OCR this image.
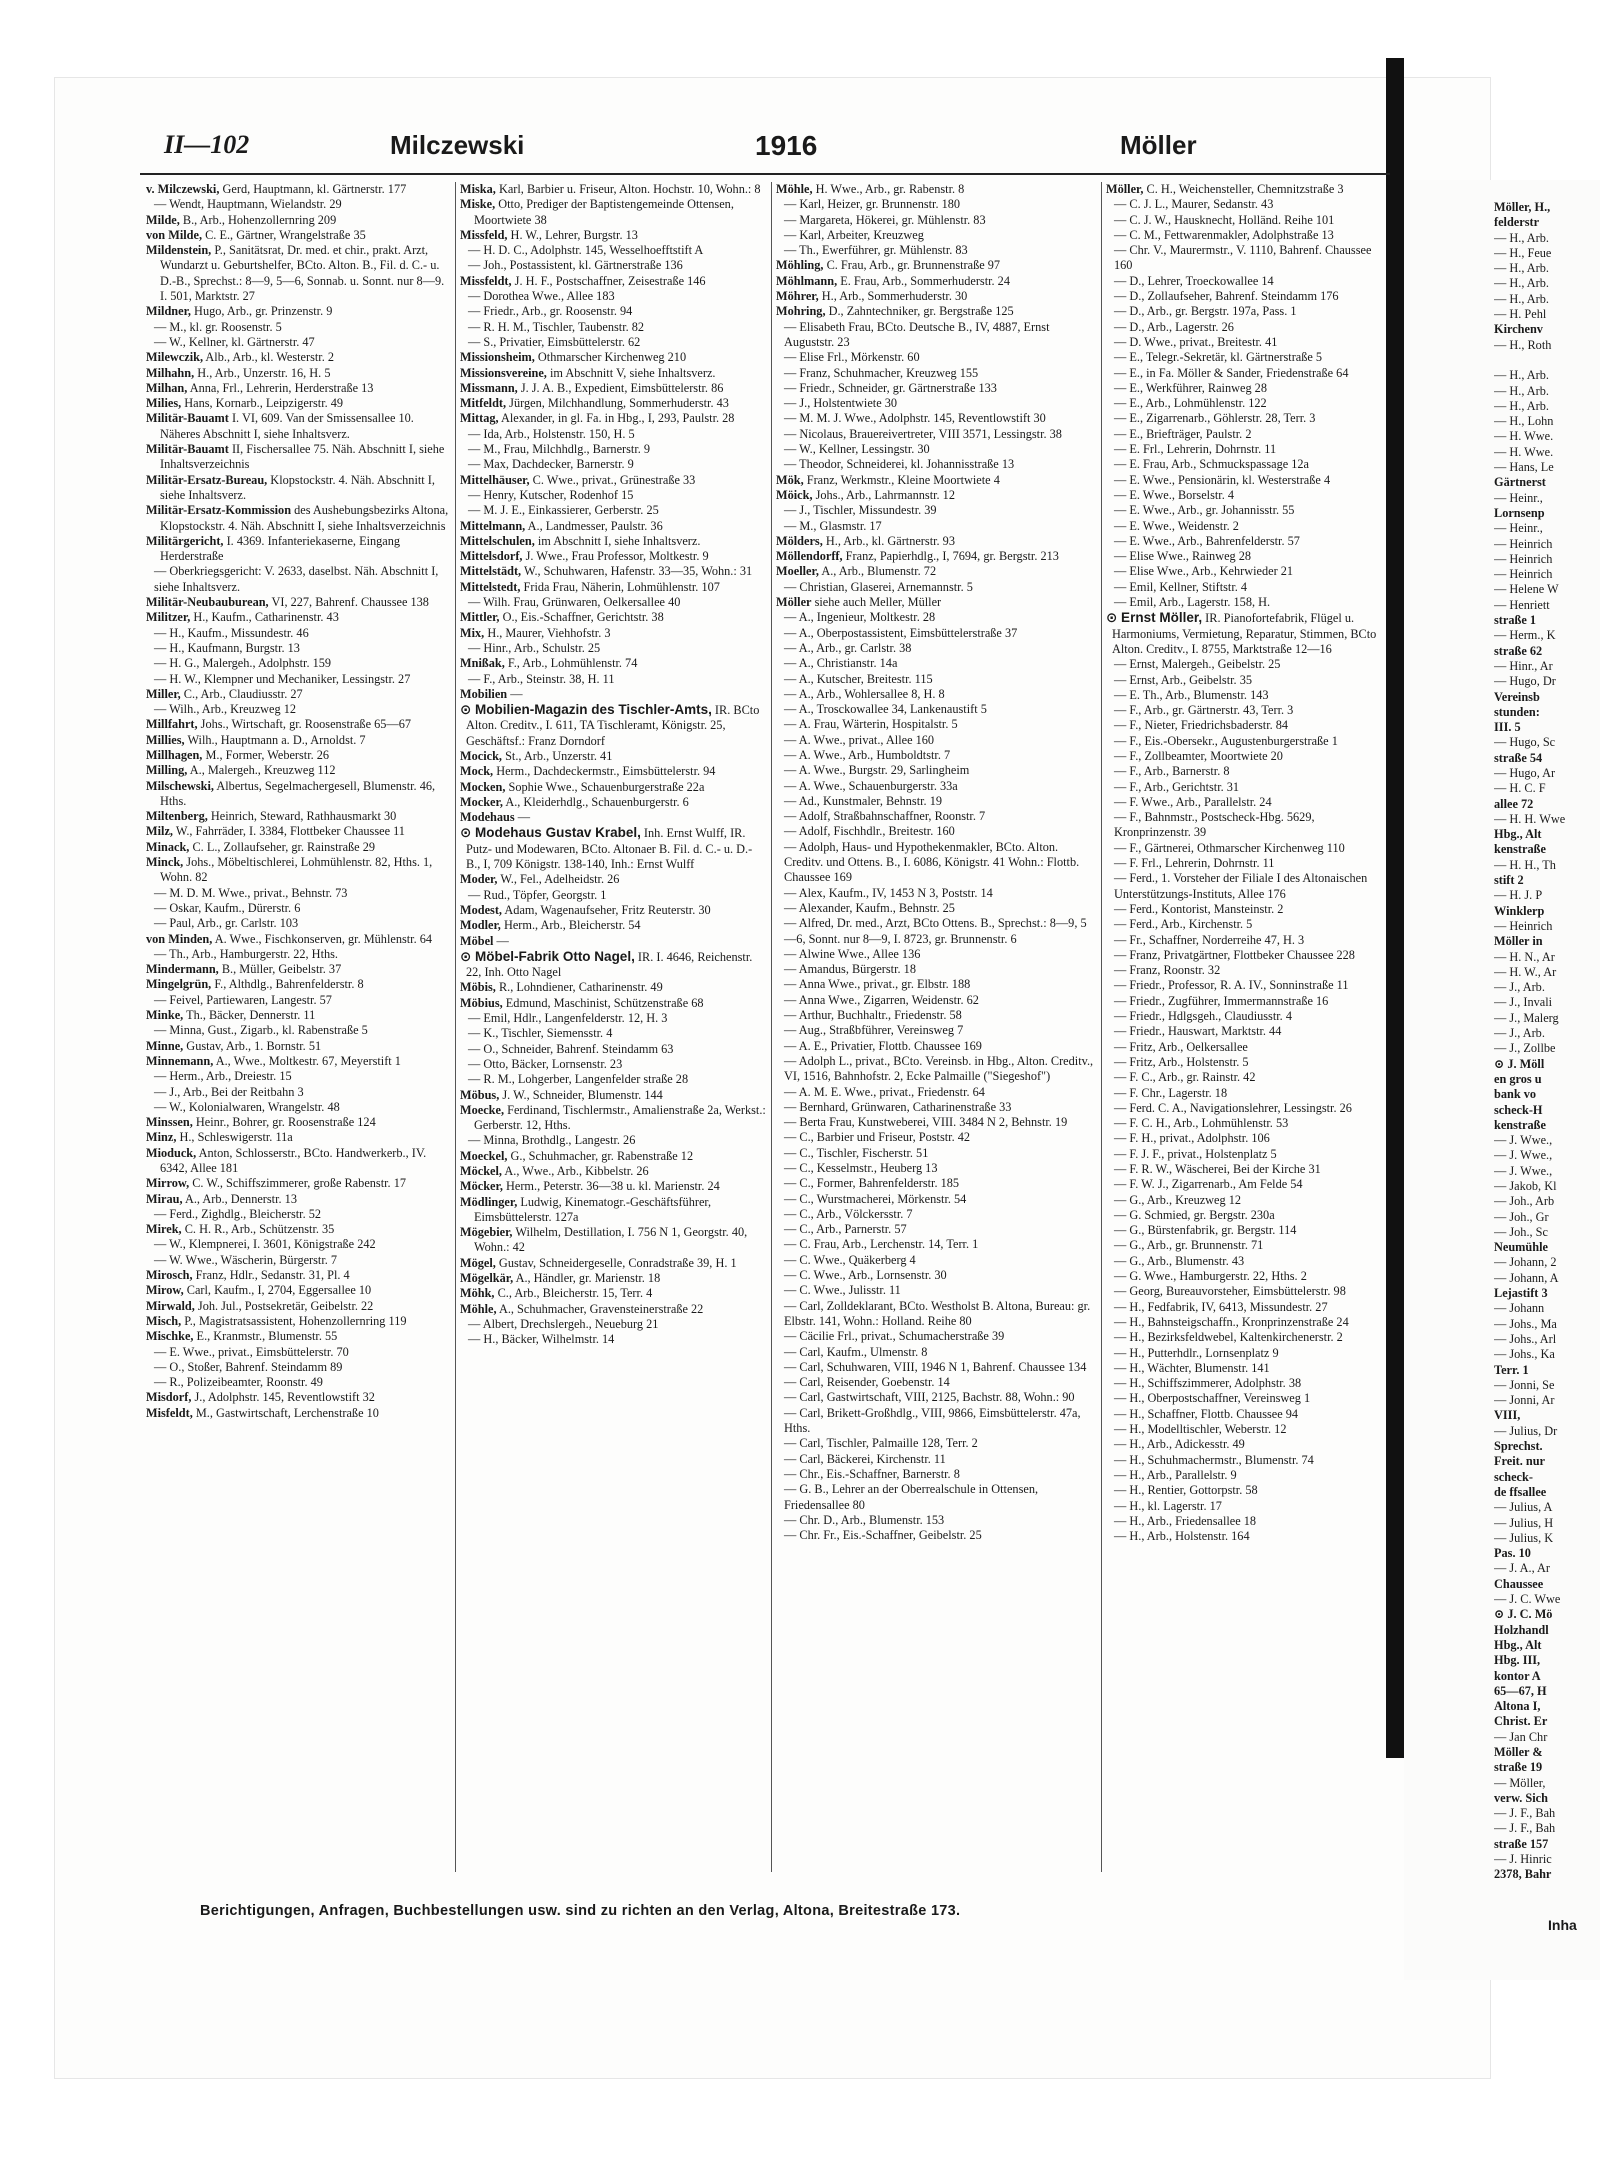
II—102	Milczewski	1916	Möller

v. Milczewski, Gerd, Hauptmann, kl. Gärtnerstr. 177

— Wendt, Hauptmann, Wielandstr. 29

Milde, B., Arb., Hohenzollernring 209

von Milde, C. E., Gärtner, Wrangelstraße 35

Mildenstein, P., Sanitätsrat, Dr. med. et chir., prakt. Arzt, Wundarzt u. Geburtshelfer, BCto. Alton. B., Fil. d. C.- u. D.-B., Sprechst.: 8—9, 5—6, Sonnab. u. Sonnt. nur 8—9. I. 501, Marktstr. 27

Mildner, Hugo, Arb., gr. Prinzenstr. 9

— M., kl. gr. Roosenstr. 5

— W., Kellner, kl. Gärtnerstr. 47

Milewczik, Alb., Arb., kl. Westerstr. 2

Milhahn, H., Arb., Unzerstr. 16, H. 5

Milhan, Anna, Frl., Lehrerin, Herderstraße 13

Milies, Hans, Kornarb., Leipzigerstr. 49

Militär-Bauamt I. VI, 609. Van der Smissensallee 10. Näheres Abschnitt I, siehe Inhaltsverz.

Militär-Bauamt II, Fischersallee 75. Näh. Abschnitt I, siehe Inhaltsverzeichnis

Militär-Ersatz-Bureau, Klopstockstr. 4. Näh. Abschnitt I, siehe Inhaltsverz.

Militär-Ersatz-Kommission des Aushebungsbezirks Altona, Klopstockstr. 4. Näh. Abschnitt I, siehe Inhaltsverzeichnis

Militärgericht, I. 4369. Infanteriekaserne, Eingang Herderstraße

— Oberkriegsgericht: V. 2633, daselbst. Näh. Abschnitt I, siehe Inhaltsverz.

Militär-Neubauburean, VI, 227, Bahrenf. Chaussee 138

Militzer, H., Kaufm., Catharinenstr. 43

— H., Kaufm., Missundestr. 46

— H., Kaufmann, Burgstr. 13

— H. G., Malergeh., Adolphstr. 159

— H. W., Klempner und Mechaniker, Lessingstr. 27

Miller, C., Arb., Claudiusstr. 27

— Wilh., Arb., Kreuzweg 12

Millfahrt, Johs., Wirtschaft, gr. Roosenstraße 65—67

Millies, Wilh., Hauptmann a. D., Arnoldst. 7

Millhagen, M., Former, Weberstr. 26

Milling, A., Malergeh., Kreuzweg 112

Milschewski, Albertus, Segelmachergesell, Blumenstr. 46, Hths.

Miltenberg, Heinrich, Steward, Rathhausmarkt 30

Milz, W., Fahrräder, I. 3384, Flottbeker Chaussee 11

Minack, C. L., Zollaufseher, gr. Rainstraße 29

Minck, Johs., Möbeltischlerei, Lohmühlenstr. 82, Hths. 1, Wohn. 82

— M. D. M. Wwe., privat., Behnstr. 73

— Oskar, Kaufm., Dürerstr. 6

— Paul, Arb., gr. Carlstr. 103

von Minden, A. Wwe., Fischkonserven, gr. Mühlenstr. 64

— Th., Arb., Hamburgerstr. 22, Hths.

Mindermann, B., Müller, Geibelstr. 37

Mingelgrün, F., Althdlg., Bahrenfelderstr. 8

— Feivel, Partiewaren, Langestr. 57

Minke, Th., Bäcker, Dennerstr. 11

— Minna, Gust., Zigarb., kl. Rabenstraße 5

Minne, Gustav, Arb., 1. Bornstr. 51

Minnemann, A., Wwe., Moltkestr. 67, Meyerstift 1

— Herm., Arb., Dreiestr. 15

— J., Arb., Bei der Reitbahn 3

— W., Kolonialwaren, Wrangelstr. 48

Minssen, Heinr., Bohrer, gr. Roosenstraße 124

Minz, H., Schleswigerstr. 11a

Mioduck, Anton, Schlosserstr., BCto. Handwerkerb., IV. 6342, Allee 181

Mirrow, C. W., Schiffszimmerer, große Rabenstr. 17

Mirau, A., Arb., Dennerstr. 13

— Ferd., Zighdlg., Bleicherstr. 52

Mirek, C. H. R., Arb., Schützenstr. 35

— W., Klempnerei, I. 3601, Königstraße 242

— W. Wwe., Wäscherin, Bürgerstr. 7

Mirosch, Franz, Hdlr., Sedanstr. 31, Pl. 4

Mirow, Carl, Kaufm., I, 2704, Eggersallee 10

Mirwald, Joh. Jul., Postsekretär, Geibelstr. 22

Misch, P., Magistratsassistent, Hohenzollernring 119

Mischke, E., Kranmstr., Blumenstr. 55

— E. Wwe., privat., Eimsbüttelerstr. 70

— O., Stoßer, Bahrenf. Steindamm 89

— R., Polizeibeamter, Roonstr. 49

Misdorf, J., Adolphstr. 145, Reventlowstift 32

Misfeldt, M., Gastwirtschaft, Lerchenstraße 10

Miska, Karl, Barbier u. Friseur, Alton. Hochstr. 10, Wohn.: 8

Miske, Otto, Prediger der Baptistengemeinde Ottensen, Moortwiete 38

Missfeld, H. W., Lehrer, Burgstr. 13

— H. D. C., Adolphstr. 145, Wesselhoefftstift A

— Joh., Postassistent, kl. Gärtnerstraße 136

Missfeldt, J. H. F., Postschaffner, Zeisestraße 146

— Dorothea Wwe., Allee 183

— Friedr., Arb., gr. Roosenstr. 94

— R. H. M., Tischler, Taubenstr. 82

— S., Privatier, Eimsbüttelerstr. 62

Missionsheim, Othmarscher Kirchenweg 210

Missionsvereine, im Abschnitt V, siehe Inhaltsverz.

Missmann, J. J. A. B., Expedient, Eimsbüttelerstr. 86

Mitfeldt, Jürgen, Milchhandlung, Sommerhuderstr. 43

Mittag, Alexander, in gl. Fa. in Hbg., I, 293, Paulstr. 28

— Ida, Arb., Holstenstr. 150, H. 5

— M., Frau, Milchhdlg., Barnerstr. 9

— Max, Dachdecker, Barnerstr. 9

Mittelhäuser, C. Wwe., privat., Grünestraße 33

— Henry, Kutscher, Rodenhof 15

— M. J. E., Einkassierer, Gerberstr. 25

Mittelmann, A., Landmesser, Paulstr. 36

Mittelschulen, im Abschnitt I, siehe Inhaltsverz.

Mittelsdorf, J. Wwe., Frau Professor, Moltkestr. 9

Mittelstädt, W., Schuhwaren, Hafenstr. 33—35, Wohn.: 31

Mittelstedt, Frida Frau, Näherin, Lohmühlenstr. 107

— Wilh. Frau, Grünwaren, Oelkersallee 40

Mittler, O., Eis.-Schaffner, Gerichtstr. 38

Mix, H., Maurer, Viehhofstr. 3

— Hinr., Arb., Schulstr. 25

Mnißak, F., Arb., Lohmühlenstr. 74

— F., Arb., Steinstr. 38, H. 11

Mobilien —

⊙ Mobilien-Magazin des Tischler-Amts, IR. BCto Alton. Creditv., I. 611, TA Tischleramt, Königstr. 25, Geschäftsf.: Franz Dorndorf

Mocick, St., Arb., Unzerstr. 41

Mock, Herm., Dachdeckermstr., Eimsbüttelerstr. 94

Mocken, Sophie Wwe., Schauenburgerstraße 22a

Mocker, A., Kleiderhdlg., Schauenburgerstr. 6

Modehaus —

⊙ Modehaus Gustav Krabel, Inh. Ernst Wulff, IR. Putz- und Modewaren, BCto. Altonaer B. Fil. d. C.- u. D.-B., I, 709 Königstr. 138-140, Inh.: Ernst Wulff

Moder, W., Fel., Adelheidstr. 26

— Rud., Töpfer, Georgstr. 1

Modest, Adam, Wagenaufseher, Fritz Reuterstr. 30

Modler, Herm., Arb., Bleicherstr. 54

Möbel —

⊙ Möbel-Fabrik Otto Nagel, IR. I. 4646, Reichenstr. 22, Inh. Otto Nagel

Möbis, R., Lohndiener, Catharinenstr. 49

Möbius, Edmund, Maschinist, Schützenstraße 68

— Emil, Hdlr., Langenfelderstr. 12, H. 3

— K., Tischler, Siemensstr. 4

— O., Schneider, Bahrenf. Steindamm 63

— Otto, Bäcker, Lornsenstr. 23

— R. M., Lohgerber, Langenfelder straße 28

Möbus, J. W., Schneider, Blumenstr. 144

Moecke, Ferdinand, Tischlermstr., Amalienstraße 2a, Werkst.: Gerberstr. 12, Hths.

— Minna, Brothdlg., Langestr. 26

Moeckel, G., Schuhmacher, gr. Rabenstraße 12

Möckel, A., Wwe., Arb., Kibbelstr. 26

Möcker, Herm., Peterstr. 36—38 u. kl. Marienstr. 24

Mödlinger, Ludwig, Kinematogr.-Geschäftsführer, Eimsbüttelerstr. 127a

Mögebier, Wilhelm, Destillation, I. 756 N 1, Georgstr. 40, Wohn.: 42

Mögel, Gustav, Schneidergeselle, Conradstraße 39, H. 1

Mögelkär, A., Händler, gr. Marienstr. 18

Möhk, C., Arb., Bleicherstr. 15, Terr. 4

Möhle, A., Schuhmacher, Gravensteinerstraße 22

— Albert, Drechslergeh., Neueburg 21

— H., Bäcker, Wilhelmstr. 14

Möhle, H. Wwe., Arb., gr. Rabenstr. 8

— Karl, Heizer, gr. Brunnenstr. 180

— Margareta, Hökerei, gr. Mühlenstr. 83

— Karl, Arbeiter, Kreuzweg

— Th., Ewerführer, gr. Mühlenstr. 83

Möhling, C. Frau, Arb., gr. Brunnenstraße 97

Möhlmann, E. Frau, Arb., Sommerhuderstr. 24

Möhrer, H., Arb., Sommerhuderstr. 30

Mohring, D., Zahntechniker, gr. Bergstraße 125

— Elisabeth Frau, BCto. Deutsche B., IV, 4887, Ernst Auguststr. 23

— Elise Frl., Mörkenstr. 60

— Franz, Schuhmacher, Kreuzweg 155

— Friedr., Schneider, gr. Gärtnerstraße 133

— J., Holstentwiete 30

— M. M. J. Wwe., Adolphstr. 145, Reventlowstift 30

— Nicolaus, Brauereivertreter, VIII 3571, Lessingstr. 38

— W., Kellner, Lessingstr. 30

— Theodor, Schneiderei, kl. Johannisstraße 13

Mök, Franz, Werkmstr., Kleine Moortwiete 4

Möick, Johs., Arb., Lahrmannstr. 12

— J., Tischler, Missundestr. 39

— M., Glasmstr. 17

Mölders, H., Arb., kl. Gärtnerstr. 93

Möllendorff, Franz, Papierhdlg., I, 7694, gr. Bergstr. 213

Moeller, A., Arb., Blumenstr. 72

— Christian, Glaserei, Arnemannstr. 5

Möller siehe auch Meller, Müller

— A., Ingenieur, Moltkestr. 28

— A., Oberpostassistent, Eimsbüttelerstraße 37

— A., Arb., gr. Carlstr. 38

— A., Christianstr. 14a

— A., Kutscher, Breitestr. 115

— A., Arb., Wohlersallee 8, H. 8

— A., Trosckowallee 34, Lankenaustift 5

— A. Frau, Wärterin, Hospitalstr. 5

— A. Wwe., privat., Allee 160

— A. Wwe., Arb., Humboldtstr. 7

— A. Wwe., Burgstr. 29, Sarlingheim

— A. Wwe., Schauenburgerstr. 33a

— Ad., Kunstmaler, Behnstr. 19

— Adolf, Straßbahnschaffner, Roonstr. 7

— Adolf, Fischhdlr., Breitestr. 160

— Adolph, Haus- und Hypothekenmakler, BCto. Alton. Creditv. und Ottens. B., I. 6086, Königstr. 41 Wohn.: Flottb. Chaussee 169

— Alex, Kaufm., IV, 1453 N 3, Poststr. 14

— Alexander, Kaufm., Behnstr. 25

— Alfred, Dr. med., Arzt, BCto Ottens. B., Sprechst.: 8—9, 5—6, Sonnt. nur 8—9, I. 8723, gr. Brunnenstr. 6

— Alwine Wwe., Allee 136

— Amandus, Bürgerstr. 18

— Anna Wwe., privat., gr. Elbstr. 188

— Anna Wwe., Zigarren, Weidenstr. 62

— Arthur, Buchhaltr., Friedenstr. 58

— Aug., Straßbführer, Vereinsweg 7

— A. E., Privatier, Flottb. Chaussee 169

— Adolph L., privat., BCto. Vereinsb. in Hbg., Alton. Creditv., VI, 1516, Bahnhofstr. 2, Ecke Palmaille ("Siegeshof")

— A. M. E. Wwe., privat., Friedenstr. 64

— Bernhard, Grünwaren, Catharinenstraße 33

— Berta Frau, Kunstweberei, VIII. 3484 N 2, Behnstr. 19

— C., Barbier und Friseur, Poststr. 42

— C., Tischler, Fischerstr. 51

— C., Kesselmstr., Heuberg 13

— C., Former, Bahrenfelderstr. 185

— C., Wurstmacherei, Mörkenstr. 54

— C., Arb., Völckersstr. 7

— C., Arb., Parnerstr. 57

— C. Frau, Arb., Lerchenstr. 14, Terr. 1

— C. Wwe., Quäkerberg 4

— C. Wwe., Arb., Lornsenstr. 30

— C. Wwe., Julisstr. 11

— Carl, Zolldeklarant, BCto. Westholst B. Altona, Bureau: gr. Elbstr. 141, Wohn.: Holland. Reihe 80

— Cäcilie Frl., privat., Schumacherstraße 39

— Carl, Kaufm., Ulmenstr. 8

— Carl, Schuhwaren, VIII, 1946 N 1, Bahrenf. Chaussee 134

— Carl, Reisender, Goebenstr. 14

— Carl, Gastwirtschaft, VIII, 2125, Bachstr. 88, Wohn.: 90

— Carl, Brikett-Großhdlg., VIII, 9866, Eimsbüttelerstr. 47a, Hths.

— Carl, Tischler, Palmaille 128, Terr. 2

— Carl, Bäckerei, Kirchenstr. 11

— Chr., Eis.-Schaffner, Barnerstr. 8

— G. B., Lehrer an der Oberrealschule in Ottensen, Friedensallee 80

— Chr. D., Arb., Blumenstr. 153

— Chr. Fr., Eis.-Schaffner, Geibelstr. 25

Möller, C. H., Weichensteller, Chemnitzstraße 3

— C. J. L., Maurer, Sedanstr. 43

— C. J. W., Hausknecht, Holländ. Reihe 101

— C. M., Fettwarenmakler, Adolphstraße 13

— Chr. V., Maurermstr., V. 1110, Bahrenf. Chaussee 160

— D., Lehrer, Troeckowallee 14

— D., Zollaufseher, Bahrenf. Steindamm 176

— D., Arb., gr. Bergstr. 197a, Pass. 1

— D., Arb., Lagerstr. 26

— D. Wwe., privat., Breitestr. 41

— E., Telegr.-Sekretär, kl. Gärtnerstraße 5

— E., in Fa. Möller & Sander, Friedenstraße 64

— E., Werkführer, Rainweg 28

— E., Arb., Lohmühlenstr. 122

— E., Zigarrenarb., Göhlerstr. 28, Terr. 3

— E., Briefträger, Paulstr. 2

— E. Frl., Lehrerin, Dohrnstr. 11

— E. Frau, Arb., Schmuckspassage 12a

— E. Wwe., Pensionärin, kl. Westerstraße 4

— E. Wwe., Borselstr. 4

— E. Wwe., Arb., gr. Johannisstr. 55

— E. Wwe., Weidenstr. 2

— E. Wwe., Arb., Bahrenfelderstr. 57

— Elise Wwe., Rainweg 28

— Elise Wwe., Arb., Kehrwieder 21

— Emil, Kellner, Stiftstr. 4

— Emil, Arb., Lagerstr. 158, H.

⊙ Ernst Möller, IR. Pianofortefabrik, Flügel u. Harmoniums, Vermietung, Reparatur, Stimmen, BCto Alton. Creditv., I. 8755, Marktstraße 12—16

— Ernst, Malergeh., Geibelstr. 25

— Ernst, Arb., Geibelstr. 35

— E. Th., Arb., Blumenstr. 143

— F., Arb., gr. Gärtnerstr. 43, Terr. 3

— F., Nieter, Friedrichsbaderstr. 84

— F., Eis.-Obersekr., Augustenburgerstraße 1

— F., Zollbeamter, Moortwiete 20

— F., Arb., Barnerstr. 8

— F., Arb., Gerichtstr. 31

— F. Wwe., Arb., Parallelstr. 24

— F., Bahnmstr., Postscheck-Hbg. 5629, Kronprinzenstr. 39

— F., Gärtnerei, Othmarscher Kirchenweg 110

— F. Frl., Lehrerin, Dohrnstr. 11

— Ferd., 1. Vorsteher der Filiale I des Altonaischen Unterstützungs-Instituts, Allee 176

— Ferd., Kontorist, Mansteinstr. 2

— Ferd., Arb., Kirchenstr. 5

— Fr., Schaffner, Norderreihe 47, H. 3

— Franz, Privatgärtner, Flottbeker Chaussee 228

— Franz, Roonstr. 32

— Friedr., Professor, R. A. IV., Sonninstraße 11

— Friedr., Zugführer, Immermannstraße 16

— Friedr., Hdlgsgeh., Claudiusstr. 4

— Friedr., Hauswart, Marktstr. 44

— Fritz, Arb., Oelkersallee

— Fritz, Arb., Holstenstr. 5

— F. C., Arb., gr. Rainstr. 42

— F. Chr., Lagerstr. 18

— Ferd. C. A., Navigationslehrer, Lessingstr. 26

— F. C. H., Arb., Lohmühlenstr. 53

— F. H., privat., Adolphstr. 106

— F. J. F., privat., Holstenplatz 5

— F. R. W., Wäscherei, Bei der Kirche 31

— F. W. J., Zigarrenarb., Am Felde 54

— G., Arb., Kreuzweg 12

— G. Schmied, gr. Bergstr. 230a

— G., Bürstenfabrik, gr. Bergstr. 114

— G., Arb., gr. Brunnenstr. 71

— G., Arb., Blumenstr. 43

— G. Wwe., Hamburgerstr. 22, Hths. 2

— Georg, Bureauvorsteher, Eimsbüttelerstr. 98

— H., Fedfabrik, IV, 6413, Missundestr. 27

— H., Bahnsteigschaffn., Kronprinzenstraße 24

— H., Bezirksfeldwebel, Kaltenkirchenerstr. 2

— H., Putterhdlr., Lornsenplatz 9

— H., Wächter, Blumenstr. 141

— H., Schiffszimmerer, Adolphstr. 38

— H., Oberpostschaffner, Vereinsweg 1

— H., Schaffner, Flottb. Chaussee 94

— H., Modelltischler, Weberstr. 12

— H., Arb., Adickesstr. 49

— H., Schuhmachermstr., Blumenstr. 74

— H., Arb., Parallelstr. 9

— H., Rentier, Gottorpstr. 58

— H., kl. Lagerstr. 17

— H., Arb., Friedensallee 18

— H., Arb., Holstenstr. 164

Möller, H.,

felderstr

— H., Arb.

— H., Feue

— H., Arb.

— H., Arb.

— H., Arb.

— H. Pehl

Kirchenv

— H., Roth

— H., Arb.

— H., Arb.

— H., Arb.

— H., Lohn

— H. Wwe.

— H. Wwe.

— Hans, Le

Gärtnerst

— Heinr.,

Lornsenp

— Heinr.,

— Heinrich

— Heinrich

— Heinrich

— Helene W

— Henriett

straße 1

— Herm., K

straße 62

— Hinr., Ar

— Hugo, Dr

Vereinsb

stunden:

III. 5

— Hugo, Sc

straße 54

— Hugo, Ar

— H. C. F

allee 72

— H. H. Wwe

Hbg., Alt

kenstraße

— H. H., Th

stift 2

— H. J. P

Winklerp

— Heinrich

Möller in

— H. N., Ar

— H. W., Ar

— J., Arb.

— J., Invali

— J., Malerg

— J., Arb.

— J., Zollbe

⊙ J. Möll

en gros u

bank vo

scheck-H

kenstraße

— J. Wwe.,

— J. Wwe.,

— J. Wwe.,

— Jakob, Kl

— Joh., Arb

— Joh., Gr

— Joh., Sc

Neumühle

— Johann, 2

— Johann, A

Lejastift 3

— Johann

— Johs., Ma

— Johs., Arl

— Johs., Ka

Terr. 1

— Jonni, Se

— Jonni, Ar

VIII,

— Julius, Dr

Sprechst.

Freit. nur

scheck-

de ffsallee

— Julius, A

— Julius, H

— Julius, K

Pas. 10

— J. A., Ar

Chaussee

— J. C. Wwe

⊙ J. C. Mö

Holzhandl

Hbg., Alt

Hbg. III,

kontor A

65—67, H

Altona I,

Christ. Er

— Jan Chr

Möller &

straße 19

— Möller,

verw. Sich

— J. F., Bah

— J. F., Bah

straße 157

— J. Hinric

2378, Bahr

Berichtigungen, Anfragen, Buchbestellungen usw. sind zu richten an den Verlag, Altona, Breitestraße 173.
Inha
